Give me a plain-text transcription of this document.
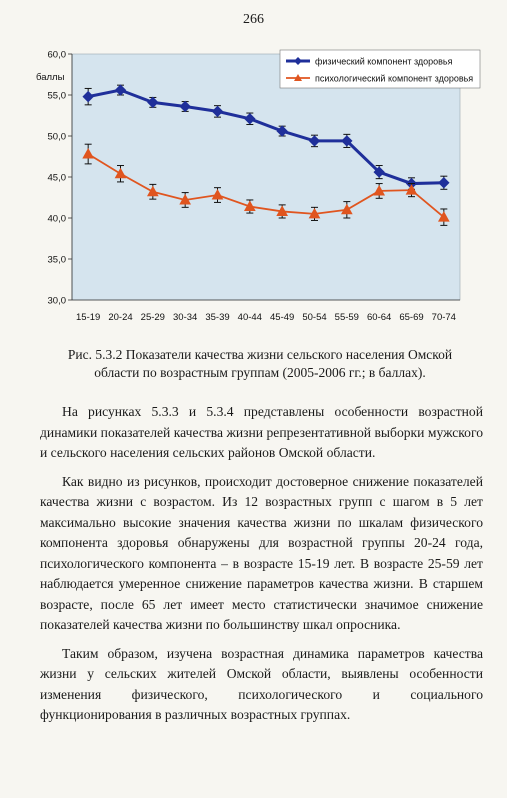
266
30,0
35,0
40,0
45,0
50,0
55,0
60,0
баллы
15-19 20-24 25-29 30-34 35-39 40-44 45-49 50-54 55-59 60-64 65-69 70-74
физический компонент здоровья
психологический компонент здоровья
Рис. 5.3.2 Показатели качества жизни сельского населения Омской
области по возрастным группам (2005-2006 гг.; в баллах).

На рисунках 5.3.3 и 5.3.4 представлены особенности возрастной динамики показателей качества жизни репрезентативной выборки мужского и сельского населения сельских районов Омской области.

Как видно из рисунков, происходит достоверное снижение показателей качества жизни с возрастом. Из 12 возрастных групп с шагом в 5 лет максимально высокие значения качества жизни по шкалам физического компонента здоровья обнаружены для возрастной группы 20-24 года, психологического компонента – в возрасте 15-19 лет. В возрасте 25-59 лет наблюдается умеренное снижение параметров качества жизни. В старшем возрасте, после 65 лет имеет место статистически значимое снижение показателей качества жизни по большинству шкал опросника.

Таким образом, изучена возрастная динамика параметров качества жизни у сельских жителей Омской области, выявлены особенности изменения физического, психологического и социального функционирования в различных возрастных группах.
